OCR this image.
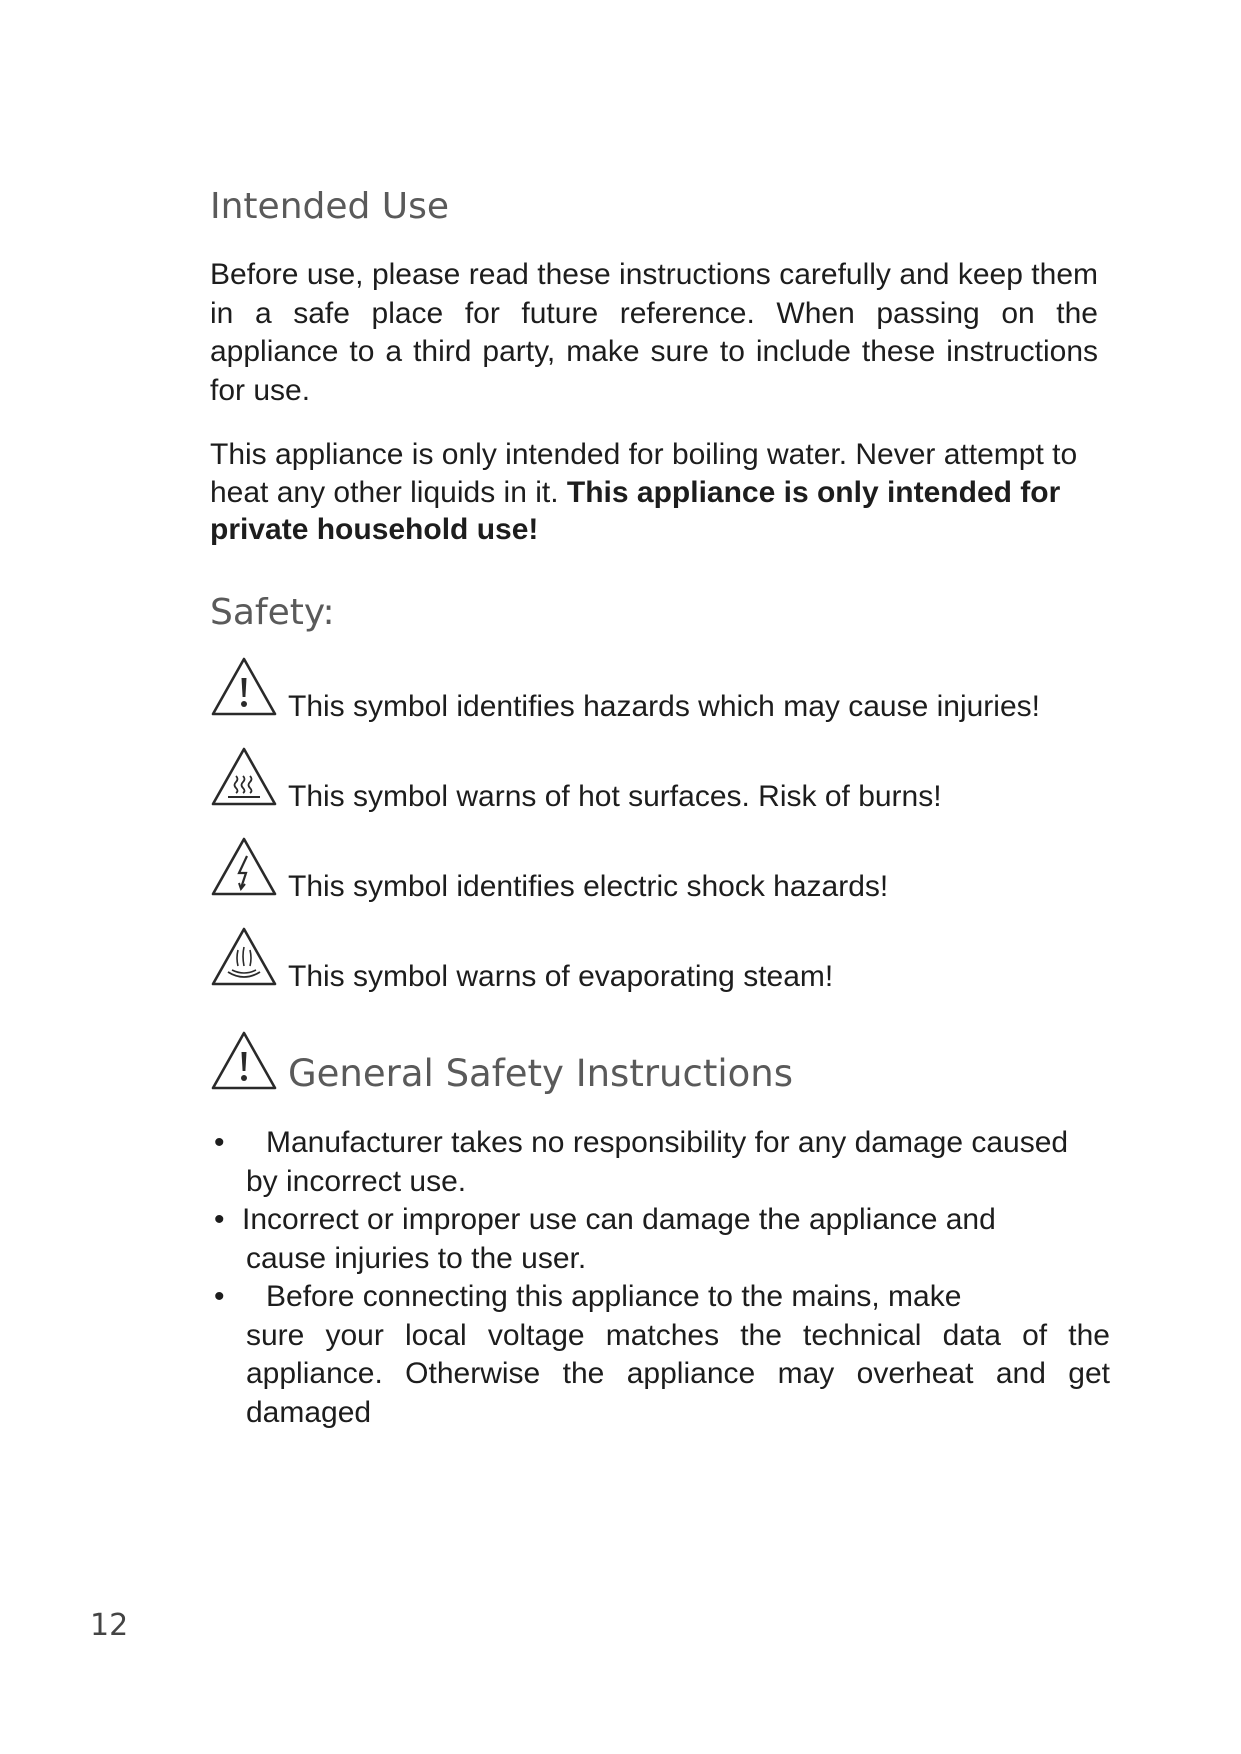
Intended Use

Before use, please read these instructions carefully and keep them in a safe place for future reference. When passing on the appliance to a third party, make sure to include these instructions for use.

This appliance is only intended for boiling water. Never attempt to heat any other liquids in it. This appliance is only intended for private household use!

Safety:
This symbol identifies hazards which may cause injuries!
This symbol warns of hot surfaces. Risk of burns!
This symbol identifies electric shock hazards!
This symbol warns of evaporating steam!
General Safety Instructions
•	Manufacturer takes no responsibility for any damage caused
by incorrect use.
• Incorrect or improper use can damage the appliance and
cause injuries to the user.
•	Before connecting this appliance to the mains, make
sure your local voltage matches the technical data of the appliance. Otherwise the appliance may overheat and get damaged
12
